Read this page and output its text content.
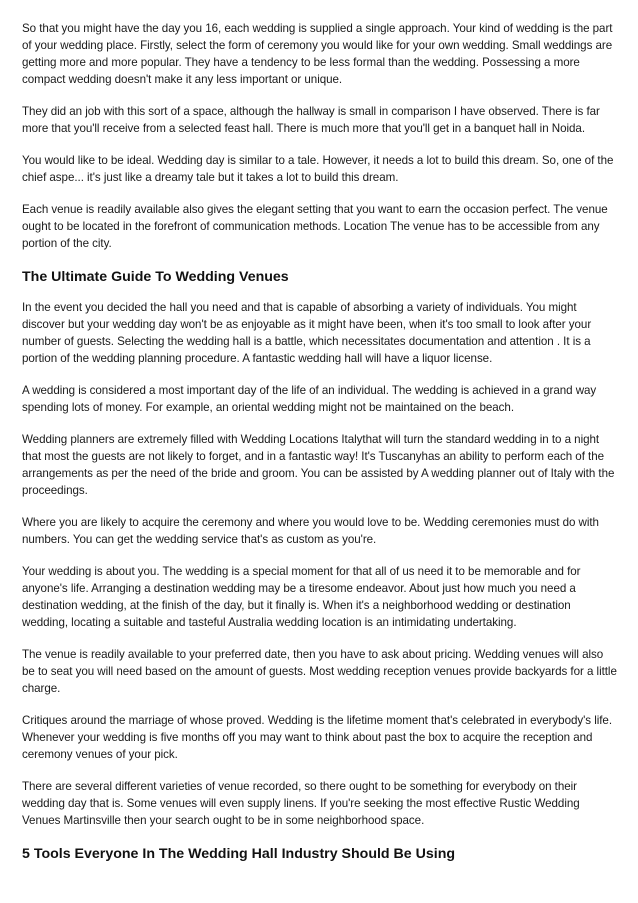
So that you might have the day you 16, each wedding is supplied a single approach. Your kind of wedding is the part of your wedding place. Firstly, select the form of ceremony you would like for your own wedding. Small weddings are getting more and more popular. They have a tendency to be less formal than the wedding. Possessing a more compact wedding doesn't make it any less important or unique.

They did an job with this sort of a space, although the hallway is small in comparison I have observed. There is far more that you'll receive from a selected feast hall. There is much more that you'll get in a banquet hall in Noida.

You would like to be ideal. Wedding day is similar to a tale. However, it needs a lot to build this dream. So, one of the chief aspe... it's just like a dreamy tale but it takes a lot to build this dream.

Each venue is readily available also gives the elegant setting that you want to earn the occasion perfect. The venue ought to be located in the forefront of communication methods. Location The venue has to be accessible from any portion of the city.

The Ultimate Guide To Wedding Venues

In the event you decided the hall you need and that is capable of absorbing a variety of individuals. You might discover but your wedding day won't be as enjoyable as it might have been, when it's too small to look after your number of guests. Selecting the wedding hall is a battle, which necessitates documentation and attention . It is a portion of the wedding planning procedure. A fantastic wedding hall will have a liquor license.

A wedding is considered a most important day of the life of an individual. The wedding is achieved in a grand way spending lots of money. For example, an oriental wedding might not be maintained on the beach.

Wedding planners are extremely filled with Wedding Locations Italythat will turn the standard wedding in to a night that most the guests are not likely to forget, and in a fantastic way! It's Tuscanyhas an ability to perform each of the arrangements as per the need of the bride and groom. You can be assisted by A wedding planner out of Italy with the proceedings.

Where you are likely to acquire the ceremony and where you would love to be. Wedding ceremonies must do with numbers. You can get the wedding service that's as custom as you're.

Your wedding is about you. The wedding is a special moment for that all of us need it to be memorable and for anyone's life. Arranging a destination wedding may be a tiresome endeavor. About just how much you need a destination wedding, at the finish of the day, but it finally is. When it's a neighborhood wedding or destination wedding, locating a suitable and tasteful Australia wedding location is an intimidating undertaking.

The venue is readily available to your preferred date, then you have to ask about pricing. Wedding venues will also be to seat you will need based on the amount of guests. Most wedding reception venues provide backyards for a little charge.

Critiques around the marriage of whose proved. Wedding is the lifetime moment that's celebrated in everybody's life. Whenever your wedding is five months off you may want to think about past the box to acquire the reception and ceremony venues of your pick.

There are several different varieties of venue recorded, so there ought to be something for everybody on their wedding day that is. Some venues will even supply linens. If you're seeking the most effective Rustic Wedding Venues Martinsville then your search ought to be in some neighborhood space.

5 Tools Everyone In The Wedding Hall Industry Should Be Using
